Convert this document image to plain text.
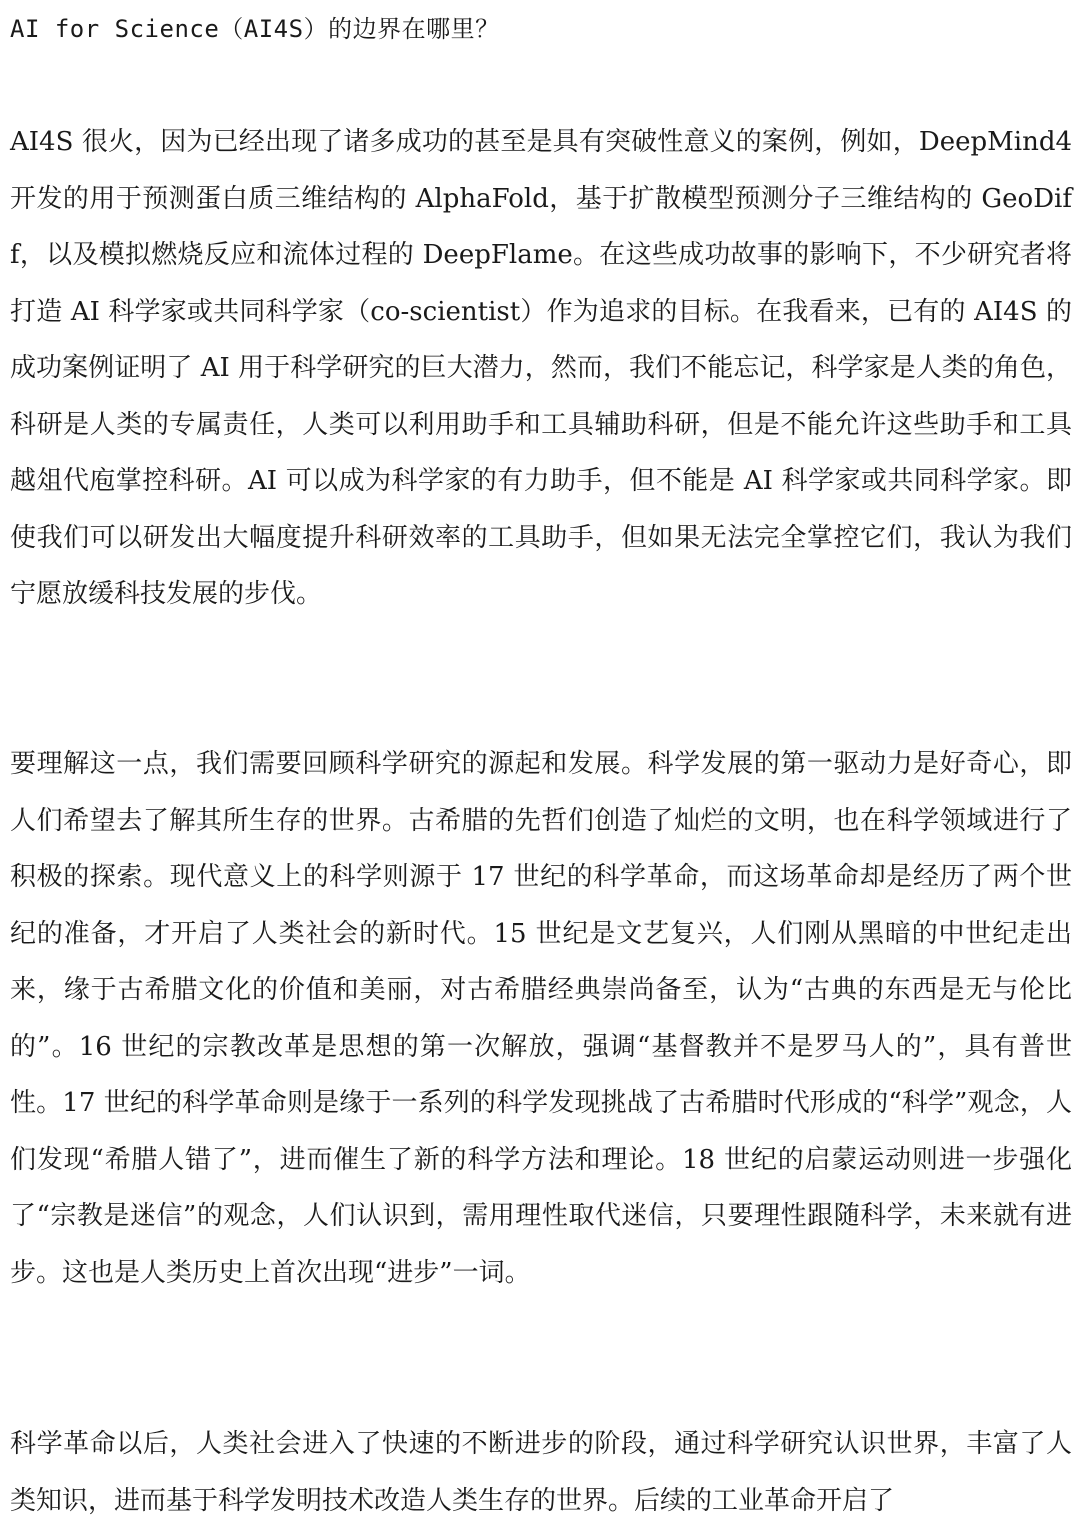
AI for Science（AI4S）的边界在哪里？

AI4S 很火，因为已经出现了诸多成功的甚至是具有突破性意义的案例，例如，DeepMind4 开发的用于预测蛋白质三维结构的 AlphaFold，基于扩散模型预测分子三维结构的 GeoDiff，以及模拟燃烧反应和流体过程的 DeepFlame。在这些成功故事的影响下，不少研究者将打造 AI 科学家或共同科学家（co-scientist）作为追求的目标。在我看来，已有的 AI4S 的成功案例证明了 AI 用于科学研究的巨大潜力，然而，我们不能忘记，科学家是人类的角色，科研是人类的专属责任，人类可以利用助手和工具辅助科研，但是不能允许这些助手和工具越俎代庖掌控科研。AI 可以成为科学家的有力助手，但不能是 AI 科学家或共同科学家。即使我们可以研发出大幅度提升科研效率的工具助手，但如果无法完全掌控它们，我认为我们宁愿放缓科技发展的步伐。

要理解这一点，我们需要回顾科学研究的源起和发展。科学发展的第一驱动力是好奇心，即人们希望去了解其所生存的世界。古希腊的先哲们创造了灿烂的文明，也在科学领域进行了积极的探索。现代意义上的科学则源于 17 世纪的科学革命，而这场革命却是经历了两个世纪的准备，才开启了人类社会的新时代。15 世纪是文艺复兴，人们刚从黑暗的中世纪走出来，缘于古希腊文化的价值和美丽，对古希腊经典崇尚备至，认为“古典的东西是无与伦比的”。16 世纪的宗教改革是思想的第一次解放，强调“基督教并不是罗马人的”，具有普世性。17 世纪的科学革命则是缘于一系列的科学发现挑战了古希腊时代形成的“科学”观念，人们发现“希腊人错了”，进而催生了新的科学方法和理论。18 世纪的启蒙运动则进一步强化了“宗教是迷信”的观念，人们认识到，需用理性取代迷信，只要理性跟随科学，未来就有进步。这也是人类历史上首次出现“进步”一词。

科学革命以后，人类社会进入了快速的不断进步的阶段，通过科学研究认识世界，丰富了人类知识，进而基于科学发明技术改造人类生存的世界。后续的工业革命开启了
